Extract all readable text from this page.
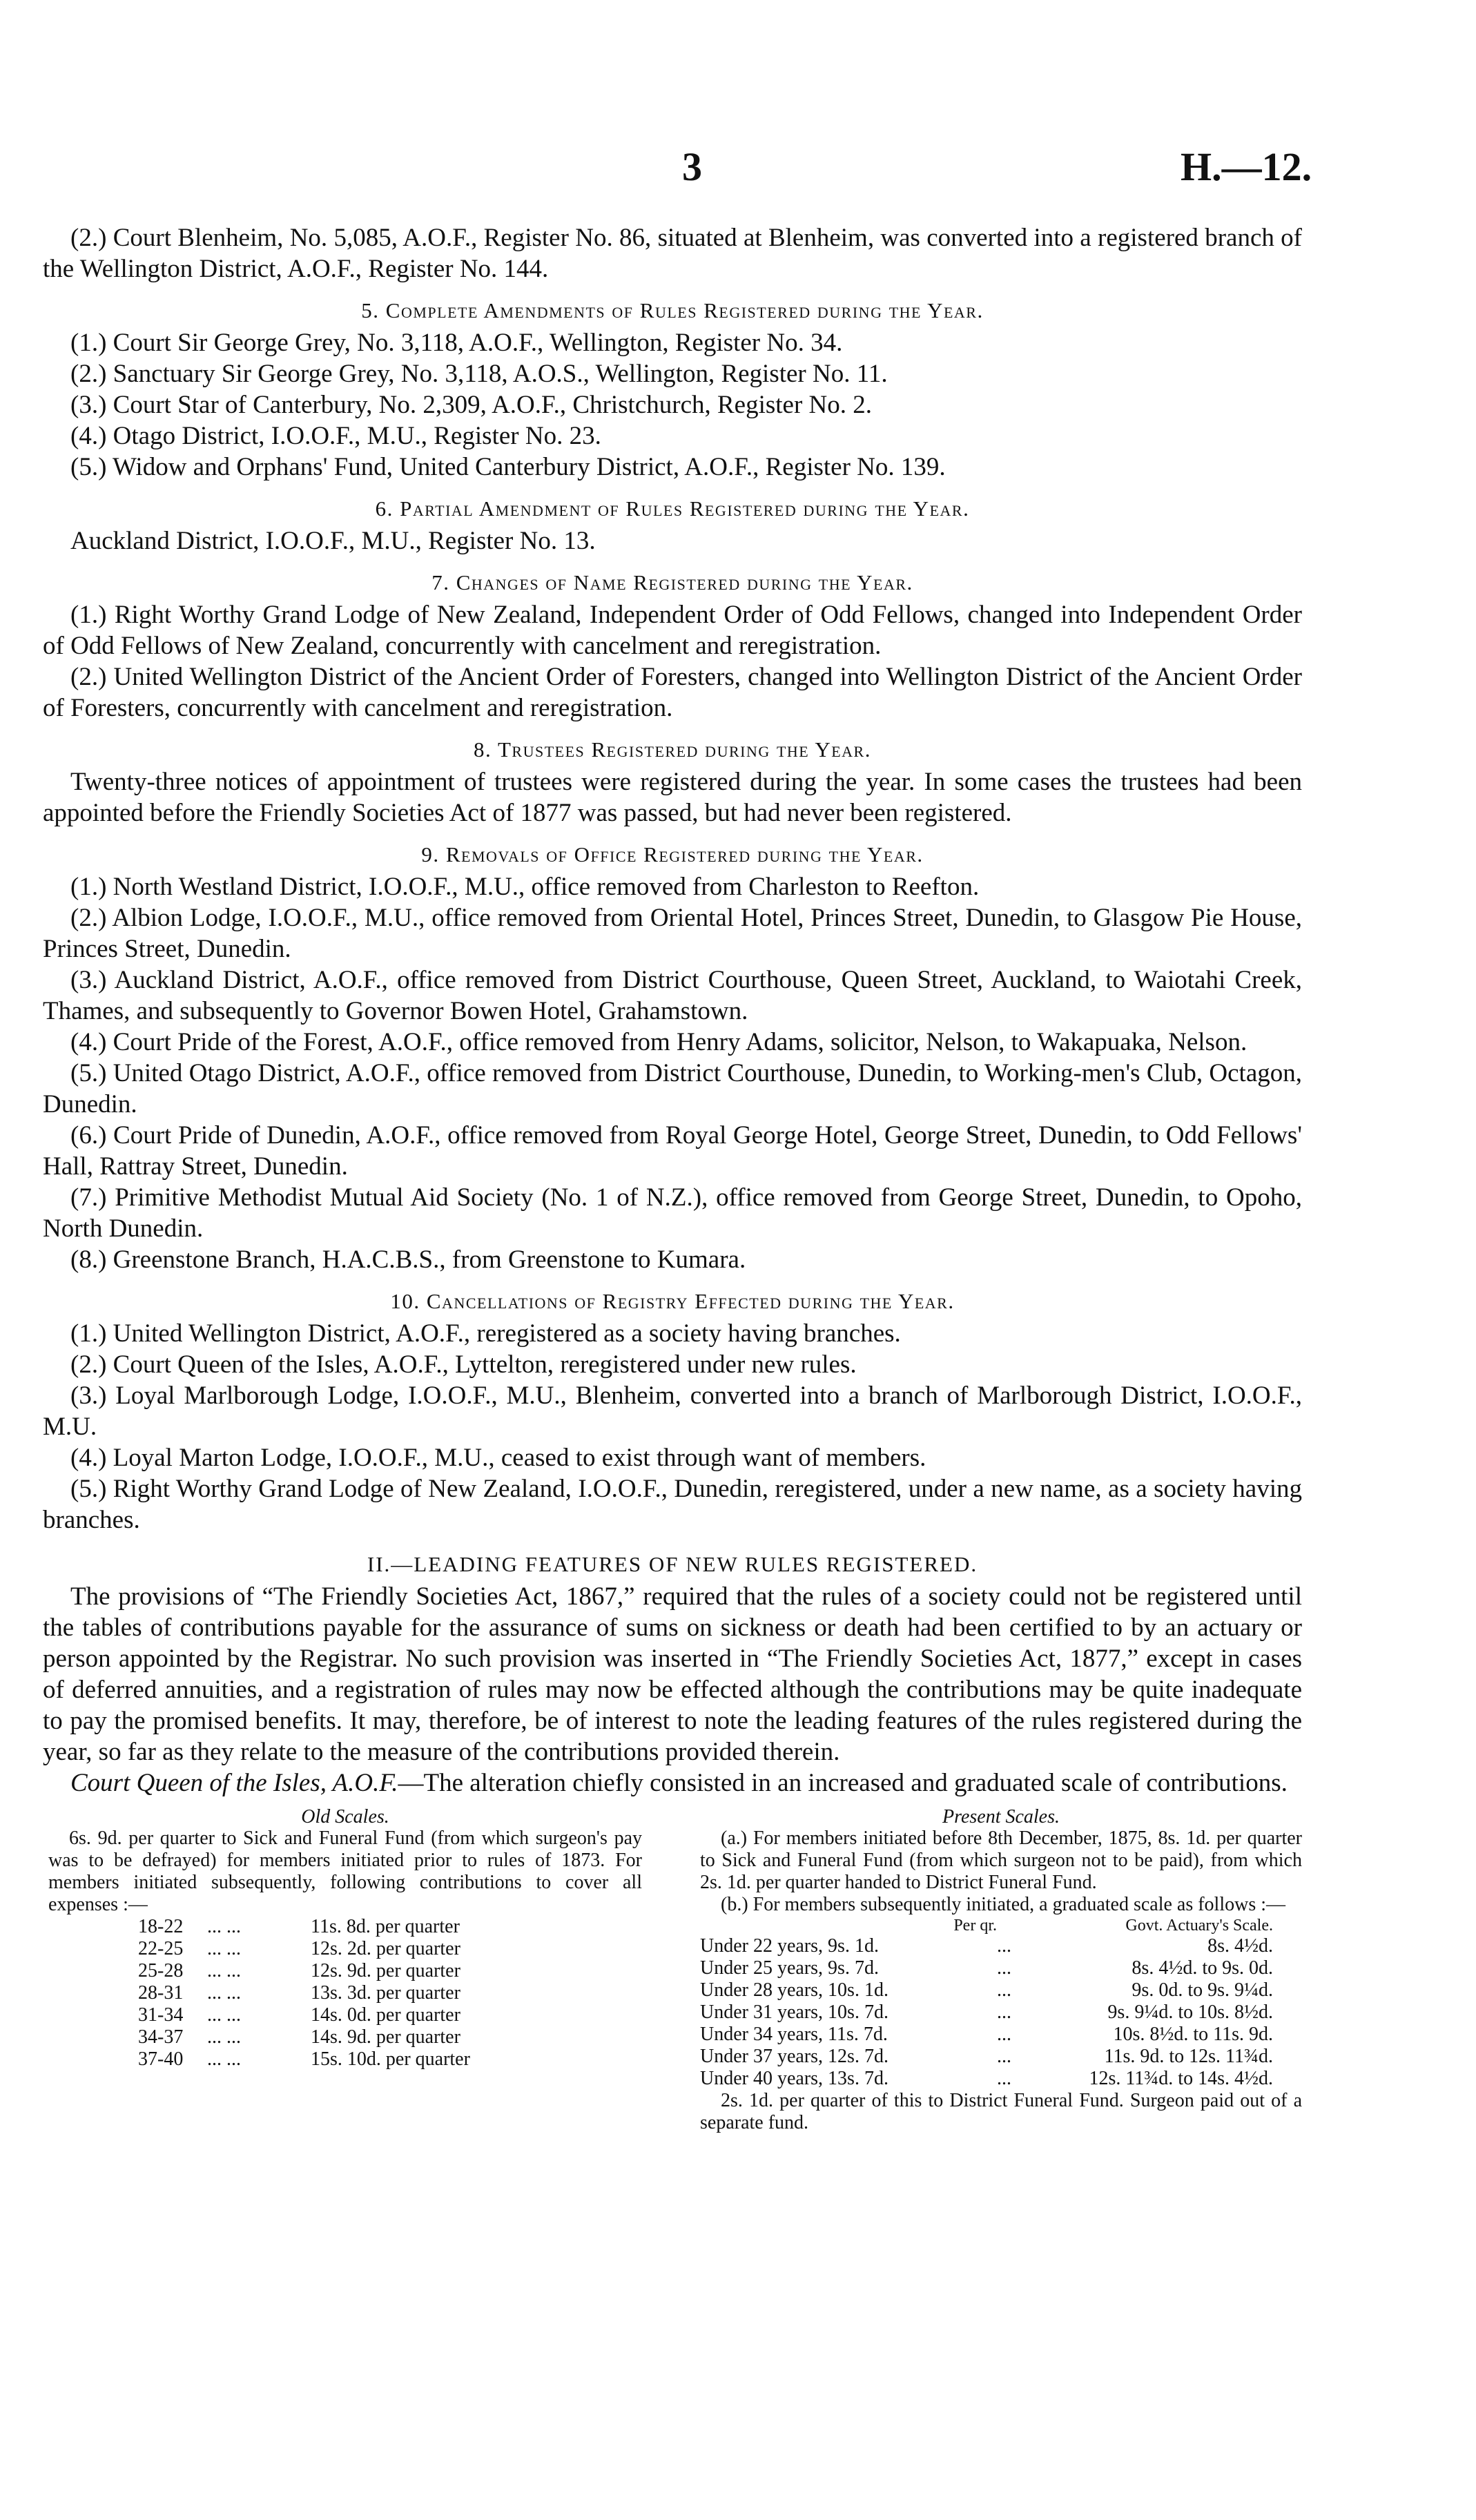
3	H.—12.

(2.) Court Blenheim, No. 5,085, A.O.F., Register No. 86, situated at Blenheim, was converted into a registered branch of the Wellington District, A.O.F., Register No. 144.

5. Complete Amendments of Rules Registered during the Year.

(1.) Court Sir George Grey, No. 3,118, A.O.F., Wellington, Register No. 34.

(2.) Sanctuary Sir George Grey, No. 3,118, A.O.S., Wellington, Register No. 11.

(3.) Court Star of Canterbury, No. 2,309, A.O.F., Christchurch, Register No. 2.

(4.) Otago District, I.O.O.F., M.U., Register No. 23.

(5.) Widow and Orphans' Fund, United Canterbury District, A.O.F., Register No. 139.

6. Partial Amendment of Rules Registered during the Year.

Auckland District, I.O.O.F., M.U., Register No. 13.

7. Changes of Name Registered during the Year.

(1.) Right Worthy Grand Lodge of New Zealand, Independent Order of Odd Fellows, changed into Independent Order of Odd Fellows of New Zealand, concurrently with cancelment and reregistration.

(2.) United Wellington District of the Ancient Order of Foresters, changed into Wellington District of the Ancient Order of Foresters, concurrently with cancelment and reregistration.

8. Trustees Registered during the Year.

Twenty-three notices of appointment of trustees were registered during the year. In some cases the trustees had been appointed before the Friendly Societies Act of 1877 was passed, but had never been registered.

9. Removals of Office Registered during the Year.

(1.) North Westland District, I.O.O.F., M.U., office removed from Charleston to Reefton.

(2.) Albion Lodge, I.O.O.F., M.U., office removed from Oriental Hotel, Princes Street, Dunedin, to Glasgow Pie House, Princes Street, Dunedin.

(3.) Auckland District, A.O.F., office removed from District Courthouse, Queen Street, Auckland, to Waiotahi Creek, Thames, and subsequently to Governor Bowen Hotel, Grahamstown.

(4.) Court Pride of the Forest, A.O.F., office removed from Henry Adams, solicitor, Nelson, to Wakapuaka, Nelson.

(5.) United Otago District, A.O.F., office removed from District Courthouse, Dunedin, to Working-men's Club, Octagon, Dunedin.

(6.) Court Pride of Dunedin, A.O.F., office removed from Royal George Hotel, George Street, Dunedin, to Odd Fellows' Hall, Rattray Street, Dunedin.

(7.) Primitive Methodist Mutual Aid Society (No. 1 of N.Z.), office removed from George Street, Dunedin, to Opoho, North Dunedin.

(8.) Greenstone Branch, H.A.C.B.S., from Greenstone to Kumara.

10. Cancellations of Registry Effected during the Year.

(1.) United Wellington District, A.O.F., reregistered as a society having branches.

(2.) Court Queen of the Isles, A.O.F., Lyttelton, reregistered under new rules.

(3.) Loyal Marlborough Lodge, I.O.O.F., M.U., Blenheim, converted into a branch of Marlborough District, I.O.O.F., M.U.

(4.) Loyal Marton Lodge, I.O.O.F., M.U., ceased to exist through want of members.

(5.) Right Worthy Grand Lodge of New Zealand, I.O.O.F., Dunedin, reregistered, under a new name, as a society having branches.

II.—LEADING FEATURES OF NEW RULES REGISTERED.

The provisions of “The Friendly Societies Act, 1867,” required that the rules of a society could not be registered until the tables of contributions payable for the assurance of sums on sickness or death had been certified to by an actuary or person appointed by the Registrar. No such provision was inserted in “The Friendly Societies Act, 1877,” except in cases of deferred annuities, and a registration of rules may now be effected although the contributions may be quite inadequate to pay the promised benefits. It may, therefore, be of interest to note the leading features of the rules registered during the year, so far as they relate to the measure of the contributions provided therein.

Court Queen of the Isles, A.O.F.—The alteration chiefly consisted in an increased and graduated scale of contributions.

Old Scales.

6s. 9d. per quarter to Sick and Funeral Fund (from which surgeon's pay was to be defrayed) for members initiated prior to rules of 1873. For members initiated subsequently, following contributions to cover all expenses :—

18-22	... ...	11s. 8d. per quarter
22-25	... ...	12s. 2d. per quarter
25-28	... ...	12s. 9d. per quarter
28-31	... ...	13s. 3d. per quarter
31-34	... ...	14s. 0d. per quarter
34-37	... ...	14s. 9d. per quarter
37-40	... ...	15s. 10d. per quarter
Present Scales.

(a.) For members initiated before 8th December, 1875, 8s. 1d. per quarter to Sick and Funeral Fund (from which surgeon not to be paid), from which 2s. 1d. per quarter handed to District Funeral Fund.

(b.) For members subsequently initiated, a graduated scale as follows :—

Per qr.	Govt. Actuary's Scale.
Under 22 years, 9s. 1d.	...	8s. 4½d.
Under 25 years, 9s. 7d.	...	8s. 4½d. to 9s. 0d.
Under 28 years, 10s. 1d.	...	9s. 0d. to 9s. 9¼d.
Under 31 years, 10s. 7d.	...	9s. 9¼d. to 10s. 8½d.
Under 34 years, 11s. 7d.	...	10s. 8½d. to 11s. 9d.
Under 37 years, 12s. 7d.	...	11s. 9d. to 12s. 11¾d.
Under 40 years, 13s. 7d.	...	12s. 11¾d. to 14s. 4½d.

2s. 1d. per quarter of this to District Funeral Fund. Surgeon paid out of a separate fund.
